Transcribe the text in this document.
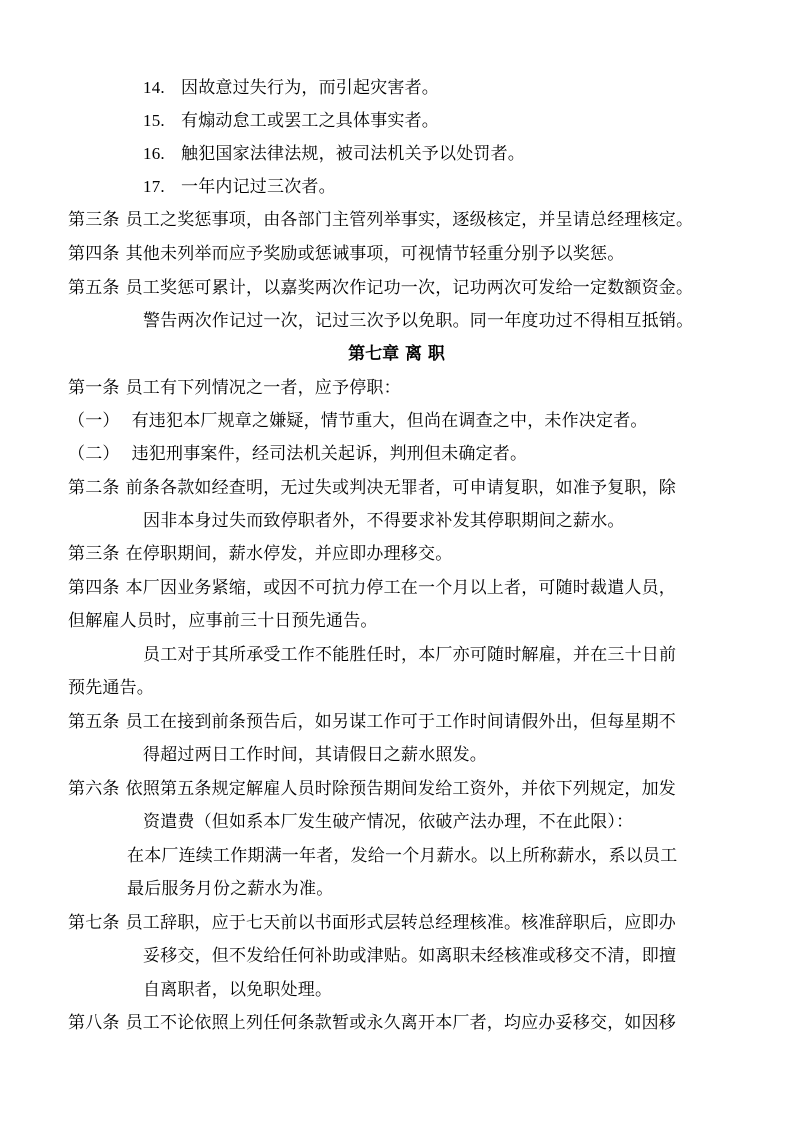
14. 因故意过失行为，而引起灾害者。
15. 有煽动怠工或罢工之具体事实者。
16. 触犯国家法律法规，被司法机关予以处罚者。
17. 一年内记过三次者。
第三条 员工之奖惩事项，由各部门主管列举事实，逐级核定，并呈请总经理核定。
第四条 其他未列举而应予奖励或惩诫事项，可视情节轻重分别予以奖惩。
第五条 员工奖惩可累计，以嘉奖两次作记功一次，记功两次可发给一定数额资金。
警告两次作记过一次，记过三次予以免职。同一年度功过不得相互抵销。
第七章 离 职
第一条 员工有下列情况之一者，应予停职：
（一） 有违犯本厂规章之嫌疑，情节重大，但尚在调查之中，未作决定者。
（二） 违犯刑事案件，经司法机关起诉，判刑但未确定者。
第二条 前条各款如经查明，无过失或判决无罪者，可申请复职，如准予复职，除
因非本身过失而致停职者外，不得要求补发其停职期间之薪水。
第三条 在停职期间，薪水停发，并应即办理移交。
第四条 本厂因业务紧缩，或因不可抗力停工在一个月以上者，可随时裁遣人员，
但解雇人员时，应事前三十日预先通告。
员工对于其所承受工作不能胜任时，本厂亦可随时解雇，并在三十日前
预先通告。
第五条 员工在接到前条预告后，如另谋工作可于工作时间请假外出，但每星期不
得超过两日工作时间，其请假日之薪水照发。
第六条 依照第五条规定解雇人员时除预告期间发给工资外，并依下列规定，加发
资遣费（但如系本厂发生破产情况，依破产法办理，不在此限）：
在本厂连续工作期满一年者，发给一个月薪水。以上所称薪水，系以员工
最后服务月份之薪水为准。
第七条 员工辞职，应于七天前以书面形式层转总经理核准。核准辞职后，应即办
妥移交，但不发给任何补助或津贴。如离职未经核准或移交不清，即擅
自离职者，以免职处理。
第八条 员工不论依照上列任何条款暂或永久离开本厂者，均应办妥移交，如因移
